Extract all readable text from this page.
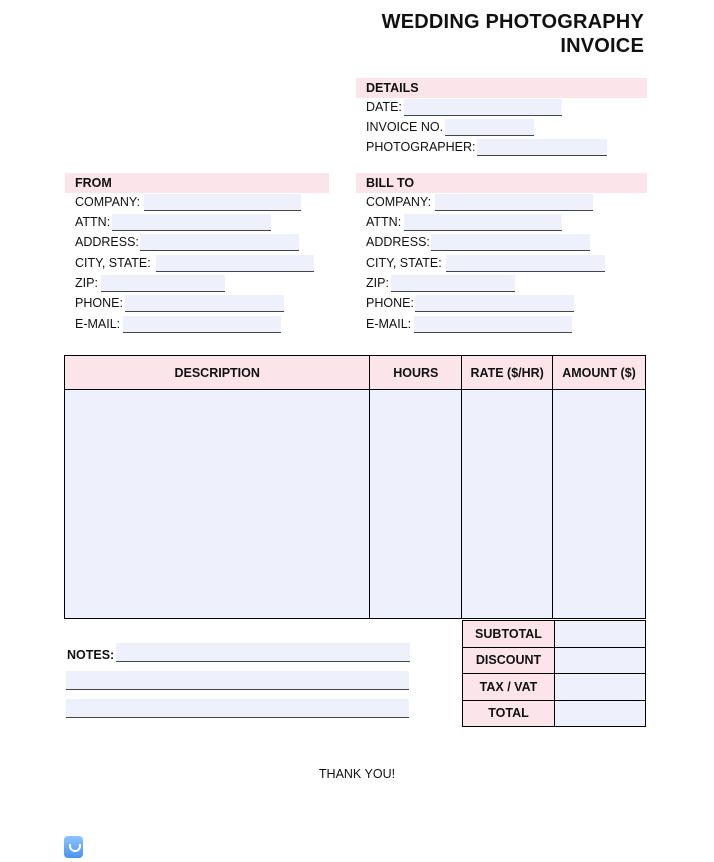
WEDDING PHOTOGRAPHY
INVOICE
DETAILS
DATE:
INVOICE NO.
PHOTOGRAPHER:
FROM
COMPANY:
ATTN:
ADDRESS:
CITY, STATE:
ZIP:
PHONE:
E-MAIL:
BILL TO
COMPANY:
ATTN:
ADDRESS:
CITY, STATE:
ZIP:
PHONE:
E-MAIL:
DESCRIPTION	HOURS	RATE ($/HR)	AMOUNT ($)

SUBTOTAL	
DISCOUNT	
TAX / VAT	
TOTAL	
NOTES:
THANK YOU!
